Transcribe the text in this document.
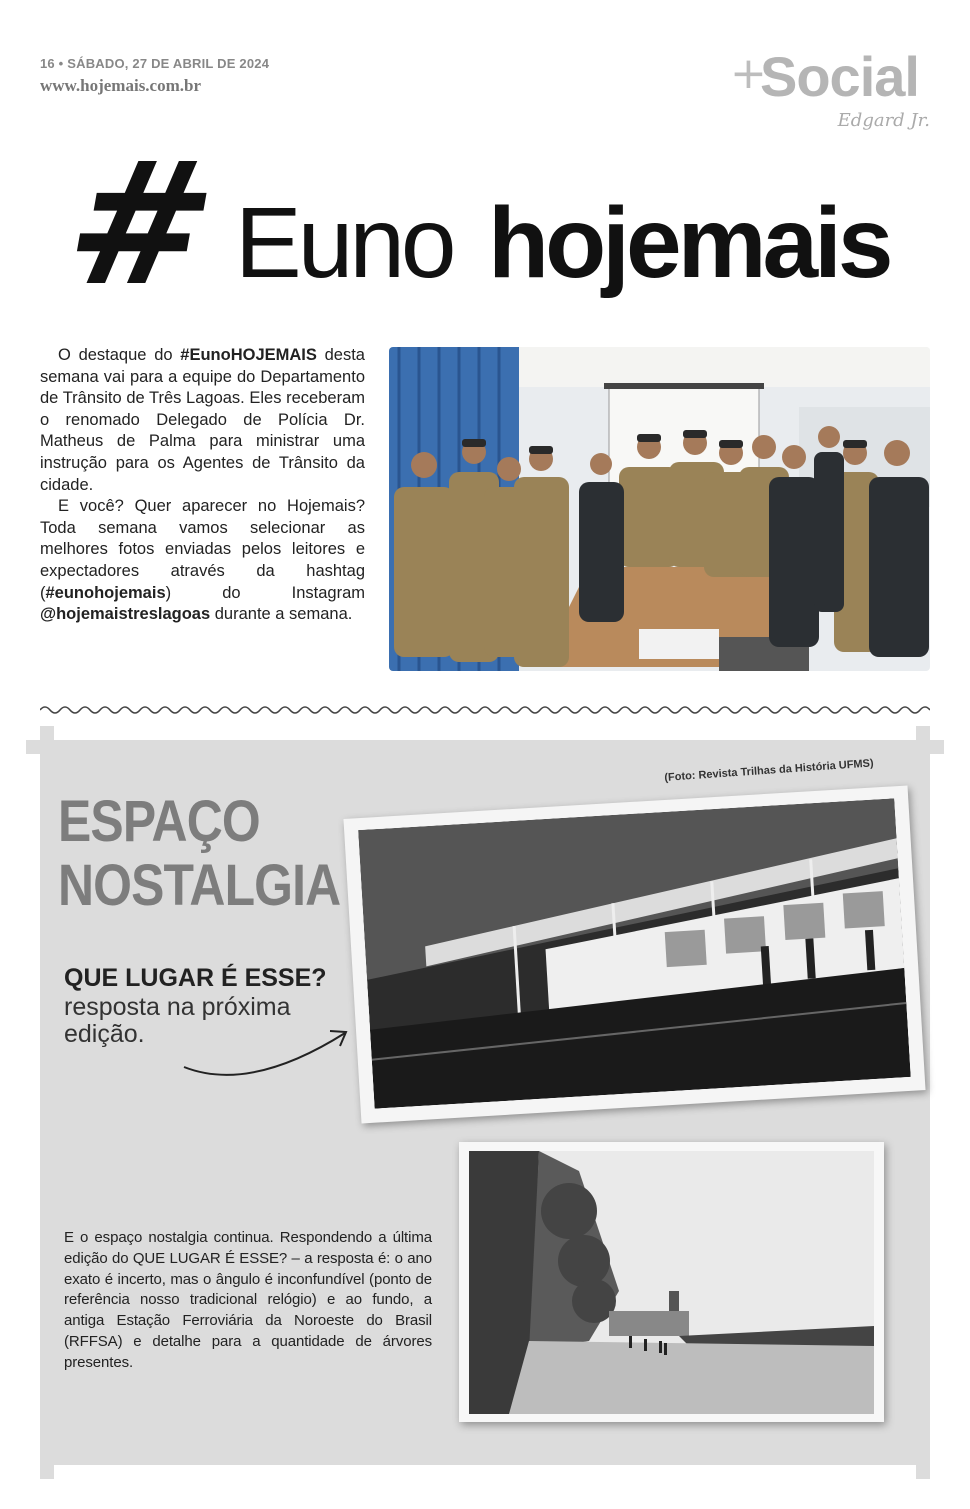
16 • SÁBADO, 27 DE ABRIL DE 2024
www.hojemais.com.br	+
Social
Edgard Jr.
# Euno hojemais

O destaque do #EunoHOJEMAIS desta semana vai para a equipe do Departamento de Trânsito de Três Lagoas. Eles receberam o renomado Delegado de Polícia Dr. Matheus de Palma para ministrar uma instrução para os Agentes de Trânsito da cidade.

E você? Quer aparecer no Hojemais? Toda semana vamos selecionar as melhores fotos enviadas pelos leitores e expectadores através da hashtag (#eunohojemais) do Instagram @hojemaistreslagoas durante a semana.

ESPAÇO
NOSTALGIA
(Foto: Revista Trilhas da História UFMS)
QUE LUGAR É ESSE?
resposta na próxima edição.
E o espaço nostalgia continua. Respondendo a última edição do QUE LUGAR É ESSE? – a resposta é: o ano exato é incerto, mas o ângulo é inconfundível (ponto de referência nosso tradicional relógio) e ao fundo, a antiga Estação Ferroviária da Noroeste do Brasil (RFFSA) e detalhe para a quantidade de árvores presentes.
